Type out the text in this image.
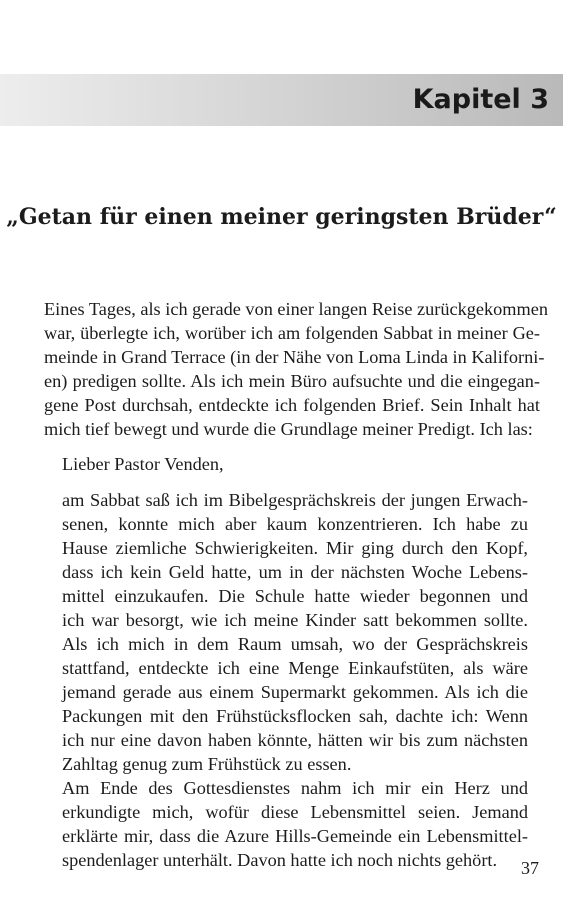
Kapitel 3
„Getan für einen meiner geringsten Brüder“
Eines Tages, als ich gerade von einer langen Reise zurückgekommen
war, überlegte ich, worüber ich am folgenden Sabbat in meiner Ge-
meinde in Grand Terrace (in der Nähe von Loma Linda in Kaliforni-
en) predigen sollte. Als ich mein Büro aufsuchte und die eingegan-
gene Post durchsah, entdeckte ich folgenden Brief. Sein Inhalt hat
mich tief bewegt und wurde die Grundlage meiner Predigt. Ich las:
Lieber Pastor Venden,
am Sabbat saß ich im Bibelgesprächskreis der jungen Erwach-
senen, konnte mich aber kaum konzentrieren. Ich habe zu
Hause ziemliche Schwierigkeiten. Mir ging durch den Kopf,
dass ich kein Geld hatte, um in der nächsten Woche Lebens-
mittel einzukaufen. Die Schule hatte wieder begonnen und
ich war besorgt, wie ich meine Kinder satt bekommen sollte.
Als ich mich in dem Raum umsah, wo der Gesprächskreis
stattfand, entdeckte ich eine Menge Einkaufstüten, als wäre
jemand gerade aus einem Supermarkt gekommen. Als ich die
Packungen mit den Frühstücksflocken sah, dachte ich: Wenn
ich nur eine davon haben könnte, hätten wir bis zum nächsten
Zahltag genug zum Frühstück zu essen.
Am Ende des Gottesdienstes nahm ich mir ein Herz und
erkundigte mich, wofür diese Lebensmittel seien. Jemand
erklärte mir, dass die Azure Hills-Gemeinde ein Lebensmittel-
spendenlager unterhält. Davon hatte ich noch nichts gehört.	37
